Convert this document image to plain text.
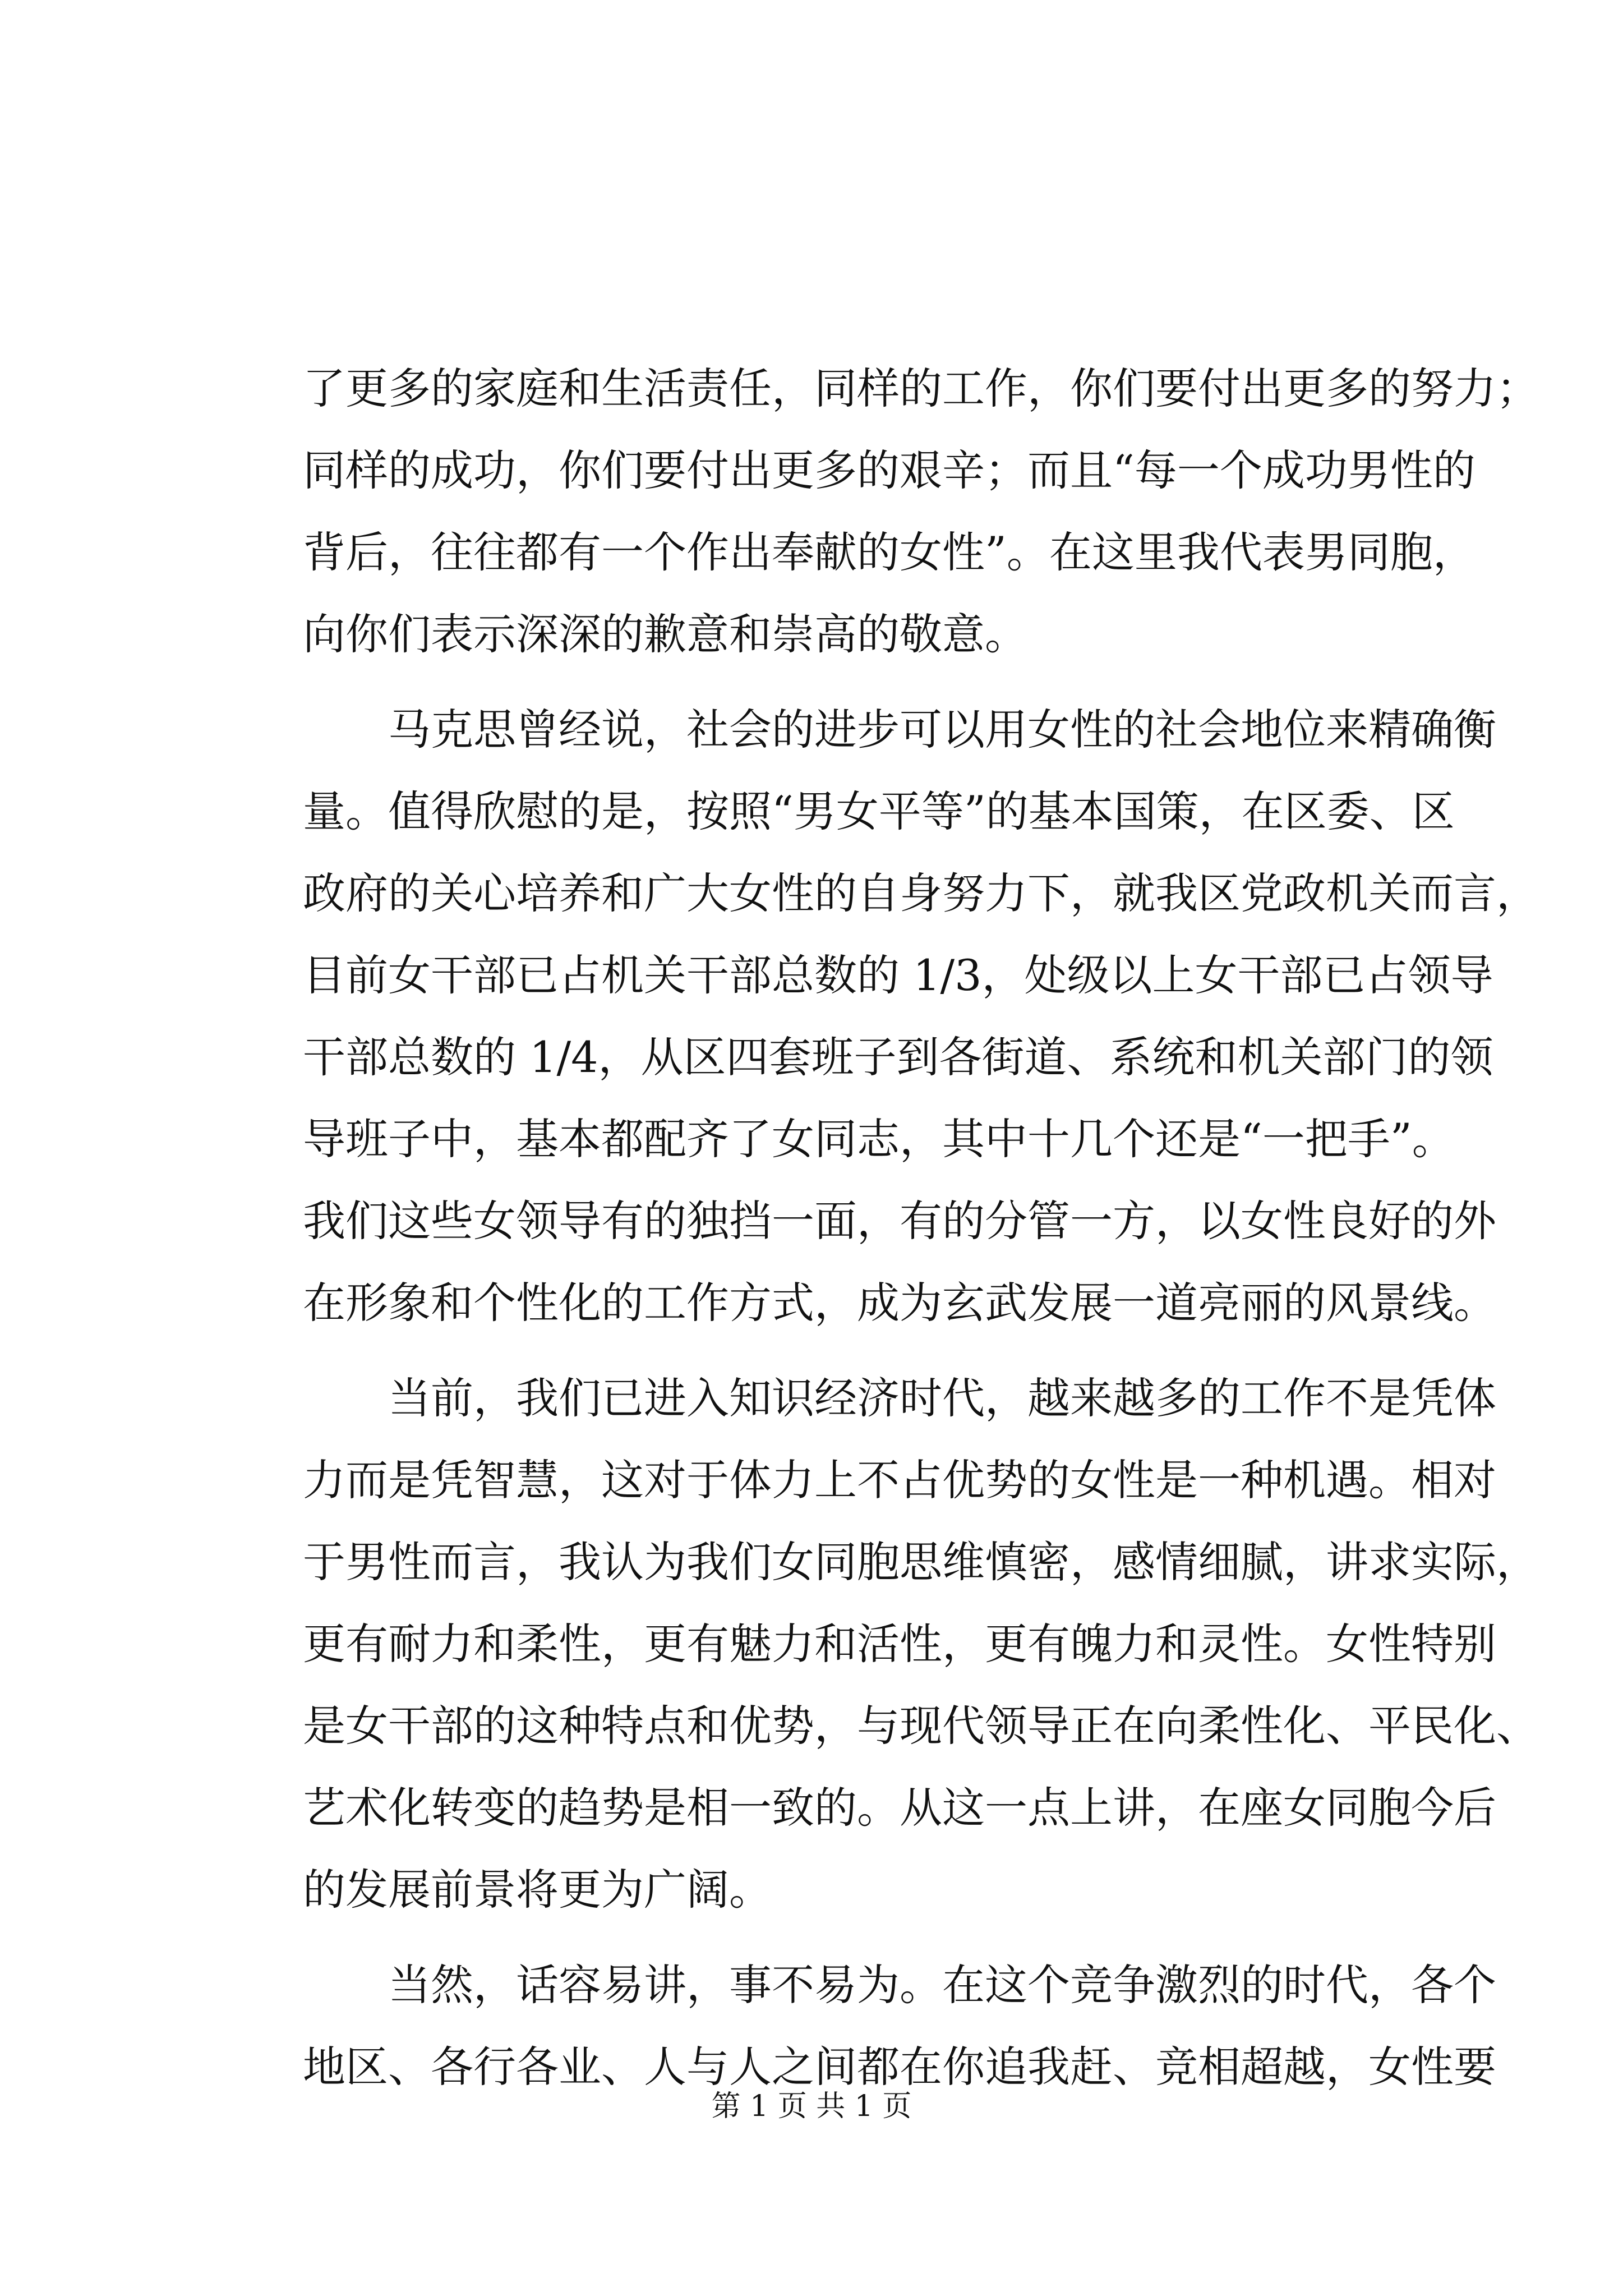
了更多的家庭和生活责任，同样的工作，你们要付出更多的努力；
同样的成功，你们要付出更多的艰辛；而且“每一个成功男性的
背后，往往都有一个作出奉献的女性”。在这里我代表男同胞，
向你们表示深深的歉意和崇高的敬意。
马克思曾经说，社会的进步可以用女性的社会地位来精确衡
量。值得欣慰的是，按照“男女平等”的基本国策，在区委、区
政府的关心培养和广大女性的自身努力下，就我区党政机关而言，
目前女干部已占机关干部总数的 1/3，处级以上女干部已占领导
干部总数的 1/4，从区四套班子到各街道、系统和机关部门的领
导班子中，基本都配齐了女同志，其中十几个还是“一把手”。
我们这些女领导有的独挡一面，有的分管一方，以女性良好的外
在形象和个性化的工作方式，成为玄武发展一道亮丽的风景线。
当前，我们已进入知识经济时代，越来越多的工作不是凭体
力而是凭智慧，这对于体力上不占优势的女性是一种机遇。相对
于男性而言，我认为我们女同胞思维慎密，感情细腻，讲求实际，
更有耐力和柔性，更有魅力和活性，更有魄力和灵性。女性特别
是女干部的这种特点和优势，与现代领导正在向柔性化、平民化、
艺术化转变的趋势是相一致的。从这一点上讲，在座女同胞今后
的发展前景将更为广阔。
当然，话容易讲，事不易为。在这个竞争激烈的时代，各个
地区、各行各业、人与人之间都在你追我赶、竞相超越，女性要
第 1 页 共 1 页
